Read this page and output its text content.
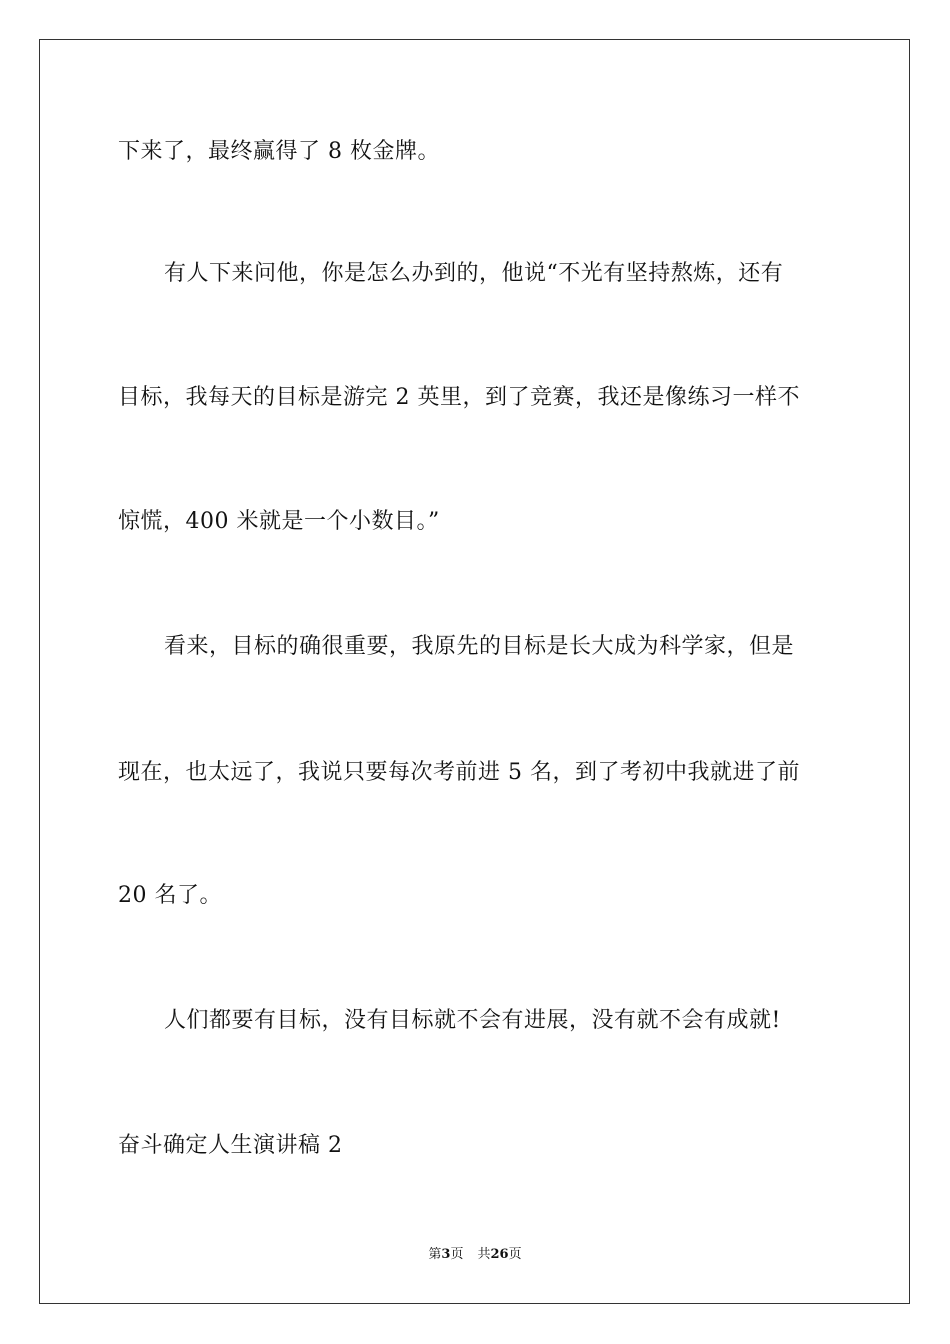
下来了，最终赢得了 8 枚金牌。
有人下来问他，你是怎么办到的，他说“不光有坚持熬炼，还有
目标，我每天的目标是游完 2 英里，到了竞赛，我还是像练习一样不
惊慌，400 米就是一个小数目。”
看来，目标的确很重要，我原先的目标是长大成为科学家，但是
现在，也太远了，我说只要每次考前进 5 名，到了考初中我就进了前
20 名了。
人们都要有目标，没有目标就不会有进展，没有就不会有成就!
奋斗确定人生演讲稿 2
第3页 共26页
